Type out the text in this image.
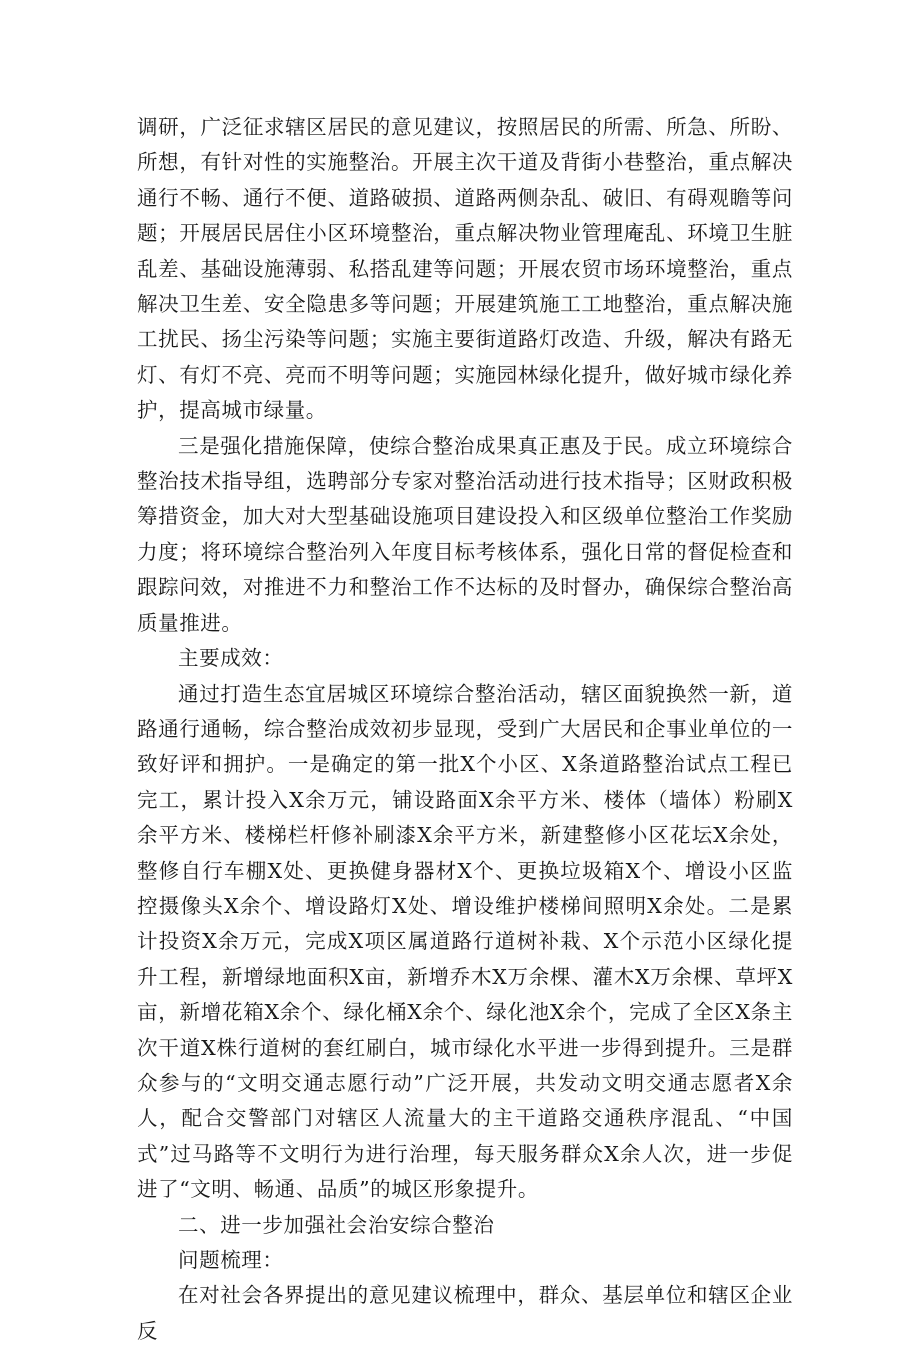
调研，广泛征求辖区居民的意见建议，按照居民的所需、所急、所盼、所想，有针对性的实施整治。开展主次干道及背街小巷整治，重点解决通行不畅、通行不便、道路破损、道路两侧杂乱、破旧、有碍观瞻等问题；开展居民居住小区环境整治，重点解决物业管理庵乱、环境卫生脏乱差、基础设施薄弱、私搭乱建等问题；开展农贸市场环境整治，重点解决卫生差、安全隐患多等问题；开展建筑施工工地整治，重点解决施工扰民、扬尘污染等问题；实施主要街道路灯改造、升级，解决有路无灯、有灯不亮、亮而不明等问题；实施园林绿化提升，做好城市绿化养护，提高城市绿量。

三是强化措施保障，使综合整治成果真正惠及于民。成立环境综合整治技术指导组，选聘部分专家对整治活动进行技术指导；区财政积极筹措资金，加大对大型基础设施项目建设投入和区级单位整治工作奖励力度；将环境综合整治列入年度目标考核体系，强化日常的督促检查和跟踪问效，对推进不力和整治工作不达标的及时督办，确保综合整治高质量推进。

主要成效：

通过打造生态宜居城区环境综合整治活动，辖区面貌换然一新，道路通行通畅，综合整治成效初步显现，受到广大居民和企事业单位的一致好评和拥护。一是确定的第一批X个小区、X条道路整治试点工程已完工，累计投入X余万元，铺设路面X余平方米、楼体（墙体）粉刷X余平方米、楼梯栏杆修补刷漆X余平方米，新建整修小区花坛X余处，整修自行车棚X处、更换健身器材X个、更换垃圾箱X个、增设小区监控摄像头X余个、增设路灯X处、增设维护楼梯间照明X余处。二是累计投资X余万元，完成X项区属道路行道树补栽、X个示范小区绿化提升工程，新增绿地面积X亩，新增乔木X万余棵、灌木X万余棵、草坪X亩，新增花箱X余个、绿化桶X余个、绿化池X余个，完成了全区X条主次干道X株行道树的套红刷白，城市绿化水平进一步得到提升。三是群众参与的“文明交通志愿行动”广泛开展，共发动文明交通志愿者X余人，配合交警部门对辖区人流量大的主干道路交通秩序混乱、“中国式”过马路等不文明行为进行治理，每天服务群众X余人次，进一步促进了“文明、畅通、品质”的城区形象提升。

二、进一步加强社会治安综合整治

问题梳理：

在对社会各界提出的意见建议梳理中，群众、基层单位和辖区企业反
